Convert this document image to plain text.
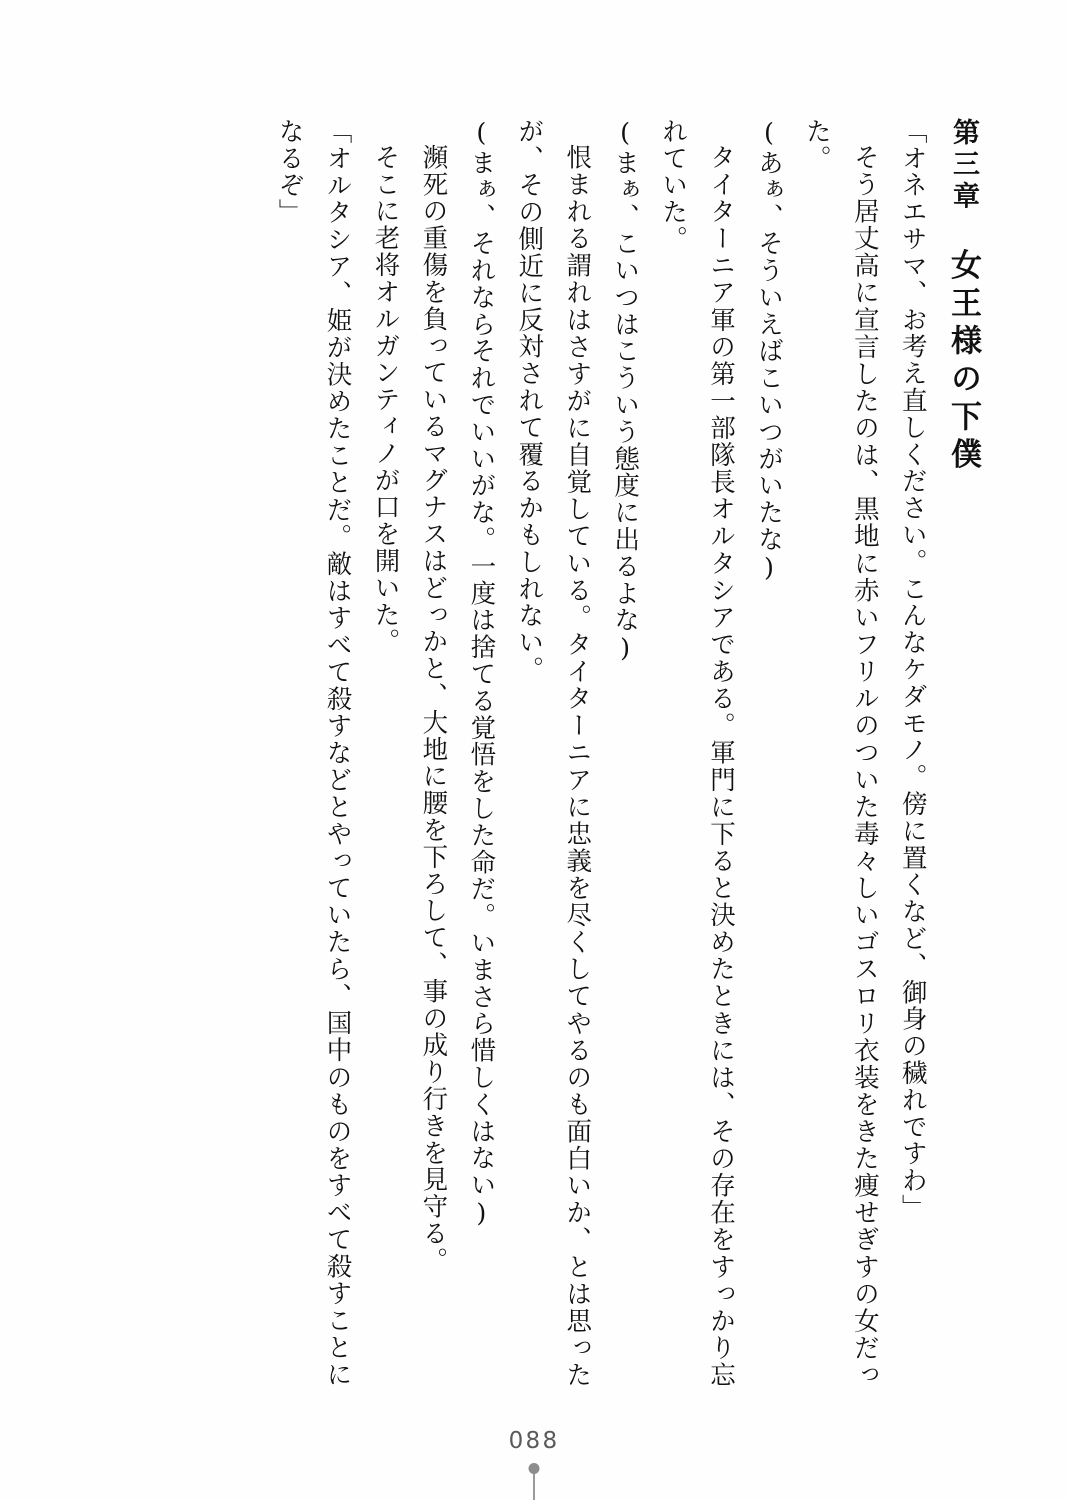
第三章　女王様の下僕

「オネエサマ、お考え直しください。こんなケダモノ。傍に置くなど、御身の穢れですわ」

そう居丈高に宣言したのは、黒地に赤いフリルのついた毒々しいゴスロリ衣装をきた痩せぎすの女だった。

(あぁ、そういえばこいつがいたな)

タイターニア軍の第一部隊長オルタシアである。軍門に下ると決めたときには、その存在をすっかり忘れていた。

(まぁ、こいつはこういう態度に出るよな)

恨まれる謂れはさすがに自覚している。タイターニアに忠義を尽くしてやるのも面白いか、とは思ったが、その側近に反対されて覆るかもしれない。

(まぁ、それならそれでいいがな。一度は捨てる覚悟をした命だ。いまさら惜しくはない)

瀕死の重傷を負っているマグナスはどっかと、大地に腰を下ろして、事の成り行きを見守る。

そこに老将オルガンティノが口を開いた。

「オルタシア、姫が決めたことだ。敵はすべて殺すなどとやっていたら、国中のものをすべて殺すことになるぞ」

088
